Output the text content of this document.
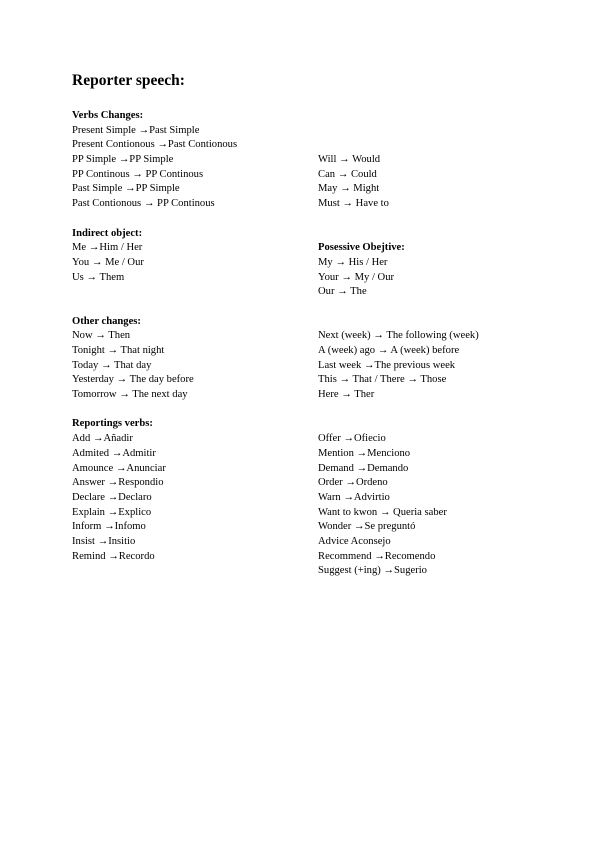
Reporter speech:
Verbs Changes:
Present Simple →Past Simple
Present Contionous →Past Contionous
PP Simple →PP Simple
PP Continous → PP Continous
Past Simple →PP Simple
Past Contionous → PP Continous
Indirect object:
Me →Him / Her
You → Me / Our
Us → Them
Other changes:
Now → Then
Tonight → That night
Today → That day
Yesterday → The day before
Tomorrow → The next day
Reportings verbs:
Add →Añadir
Admited →Admitir
Amounce →Anunciar
Answer →Respondio
Declare →Declaro
Explain →Explico
Inform →Infomo
Insist →Insitio
Remind →Recordo
Will → Would
Can → Could
May → Might
Must → Have to
Posessive Obejtive:
My → His / Her
Your → My / Our
Our → The
Next (week) → The following (week)
A (week) ago → A (week) before
Last week →The previous week
This → That / There → Those
Here → Ther
Offer →Ofiecio
Mention →Menciono
Demand →Demando
Order →Ordeno
Warn →Advirtio
Want to kwon → Queria saber
Wonder →Se preguntó
Advice Aconsejo
Recommend →Recomendo
Suggest (+ing) →Sugerio
